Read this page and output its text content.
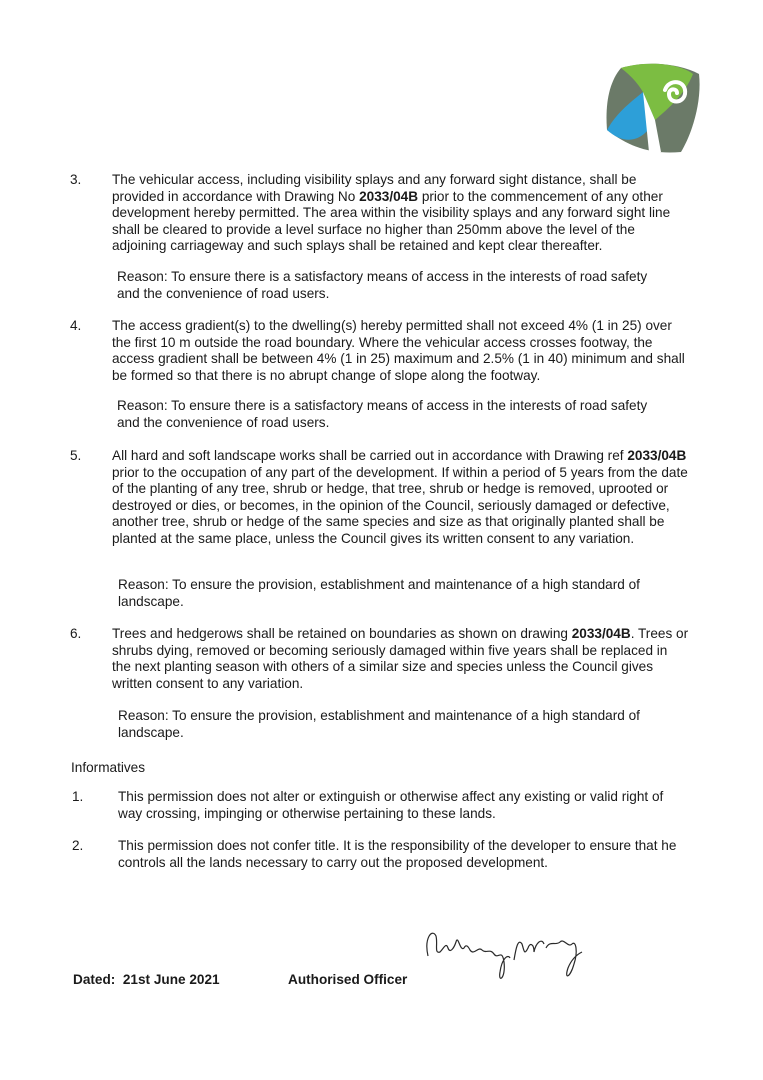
3. The vehicular access, including visibility splays and any forward sight distance, shall be provided in accordance with Drawing No 2033/04B prior to the commencement of any other development hereby permitted. The area within the visibility splays and any forward sight line shall be cleared to provide a level surface no higher than 250mm above the level of the adjoining carriageway and such splays shall be retained and kept clear thereafter.
Reason: To ensure there is a satisfactory means of access in the interests of road safety and the convenience of road users.
4. The access gradient(s) to the dwelling(s) hereby permitted shall not exceed 4% (1 in 25) over the first 10 m outside the road boundary. Where the vehicular access crosses footway, the access gradient shall be between 4% (1 in 25) maximum and 2.5% (1 in 40) minimum and shall be formed so that there is no abrupt change of slope along the footway.
Reason: To ensure there is a satisfactory means of access in the interests of road safety and the convenience of road users.
5. All hard and soft landscape works shall be carried out in accordance with Drawing ref 2033/04B prior to the occupation of any part of the development. If within a period of 5 years from the date of the planting of any tree, shrub or hedge, that tree, shrub or hedge is removed, uprooted or destroyed or dies, or becomes, in the opinion of the Council, seriously damaged or defective, another tree, shrub or hedge of the same species and size as that originally planted shall be planted at the same place, unless the Council gives its written consent to any variation.
Reason: To ensure the provision, establishment and maintenance of a high standard of landscape.
6. Trees and hedgerows shall be retained on boundaries as shown on drawing 2033/04B. Trees or shrubs dying, removed or becoming seriously damaged within five years shall be replaced in the next planting season with others of a similar size and species unless the Council gives written consent to any variation.
Reason: To ensure the provision, establishment and maintenance of a high standard of landscape.
Informatives
1.	This permission does not alter or extinguish or otherwise affect any existing or valid right of way crossing, impinging or otherwise pertaining to these lands.
2.	This permission does not confer title. It is the responsibility of the developer to ensure that he controls all the lands necessary to carry out the proposed development.
Dated: 21st June 2021	Authorised Officer
